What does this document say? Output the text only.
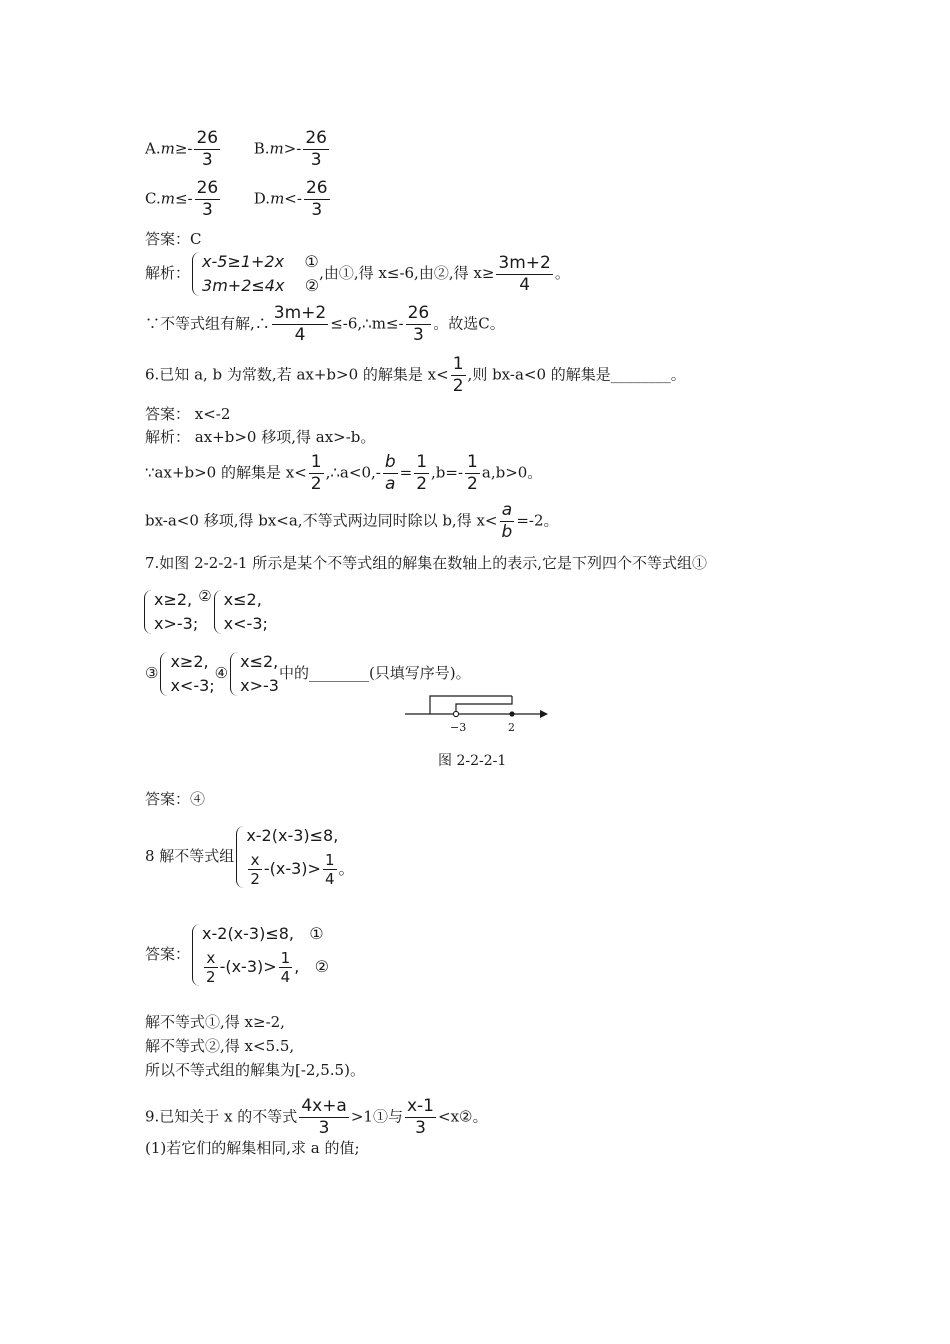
$A.m\ge- \frac{26}{3} B.m>- \frac{26}{3}$
$C.m\le- \frac{26}{3} D.m<- \frac{26}{3}$
答案：C
解析：
x-5≥1+2x ①
3m+2≤4x ②
,由①,得 x≤-6,由②,得 $x\ge \frac{3m+2}{4}$ 。
∵不等式组有解,∴ $\frac{3m+2}{4}$ ≤-6,∴m≤- $\frac{26}{3}$ 。故选C。
6.已知 a, b 为常数,若 ax+b>0 的解集是 $x< \frac{1}{2}$ ,则 bx-a<0 的解集是________。
答案： x<-2
解析： ax+b>0 移项,得 ax>-b。
∵ax+b>0 的解集是 $x< \frac{1}{2}$ ,∴a<0,- $\frac{b}{a} = \frac{1}{2} ,b=- \frac{1}{2} a,b>0$。
bx-a<0 移项,得 bx<a,不等式两边同时除以 b,得 $x< \frac{a}{b} =-2$。
7.如图 2-2-2-1 所示是某个不等式组的解集在数轴上的表示,它是下列四个不等式组①
x≥2,
x>-3;
② x≤2,
x<-3;
③
x≥2,
x<-3;
④
x≤2,
x>-3
中的________(只填写序号)。
−3	2
图 2-2-2-1
答案：④
8 解不等式组
x-2(x-3)≤8,
$\frac{x}{2} -(x-3)> \frac{1}{4}$ 。
答案：
x-2(x-3)≤8, ①
$\frac{x}{2} -(x-3)> \frac{1}{4}$ , ②
解不等式①,得 x≥-2,
解不等式②,得 x<5.5,
所以不等式组的解集为[-2,5.5)。
9.已知关于 x 的不等式 $\frac{4x+a}{3}$ >1①与 $\frac{x-1}{3}$ <x②。
(1)若它们的解集相同,求 a 的值;
